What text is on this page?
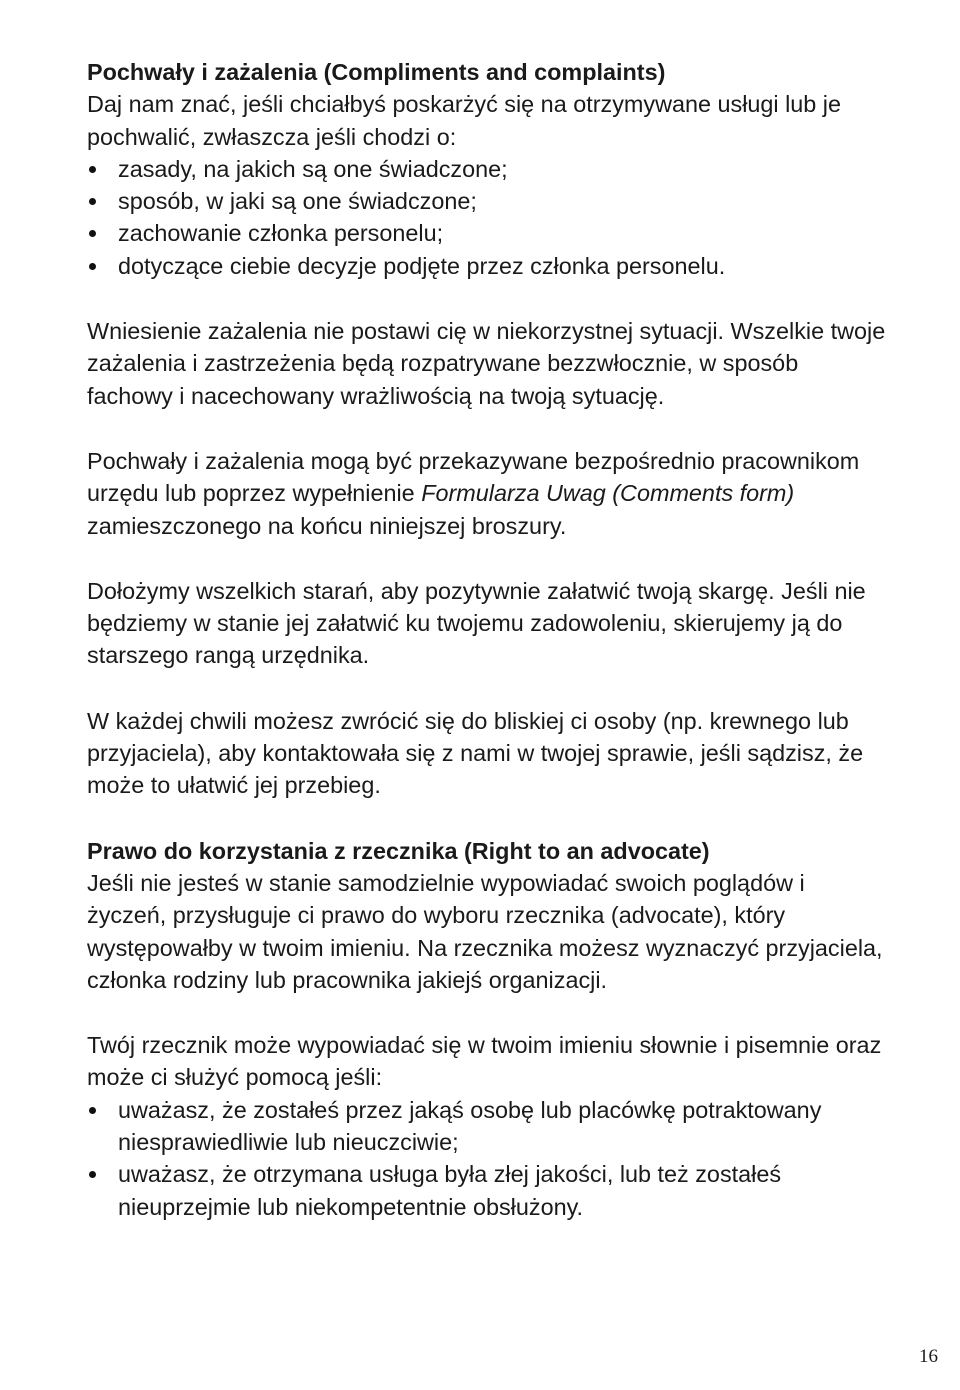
Pochwały i zażalenia (Compliments and complaints)

Daj nam znać, jeśli chciałbyś poskarżyć się na otrzymywane usługi lub je pochwalić, zwłaszcza jeśli chodzi o:

zasady, na jakich są one świadczone;
sposób, w jaki są one świadczone;
zachowanie członka personelu;
dotyczące ciebie decyzje podjęte przez członka personelu.

Wniesienie zażalenia nie postawi cię w niekorzystnej sytuacji. Wszelkie twoje zażalenia i zastrzeżenia będą rozpatrywane bezzwłocznie, w sposób fachowy i nacechowany wrażliwością na twoją sytuację.

Pochwały i zażalenia mogą być przekazywane bezpośrednio pracownikom urzędu lub poprzez wypełnienie Formularza Uwag (Comments form) zamieszczonego na końcu niniejszej broszury.

Dołożymy wszelkich starań, aby pozytywnie załatwić twoją skargę. Jeśli nie będziemy w stanie jej załatwić ku twojemu zadowoleniu, skierujemy ją do starszego rangą urzędnika.

W każdej chwili możesz zwrócić się do bliskiej ci osoby (np. krewnego lub przyjaciela), aby kontaktowała się z nami w twojej sprawie, jeśli sądzisz, że może to ułatwić jej przebieg.

Prawo do korzystania z rzecznika (Right to an advocate)

Jeśli nie jesteś w stanie samodzielnie wypowiadać swoich poglądów i życzeń, przysługuje ci prawo do wyboru rzecznika (advocate), który występowałby w twoim imieniu. Na rzecznika możesz wyznaczyć przyjaciela, członka rodziny lub pracownika jakiejś organizacji.

Twój rzecznik może wypowiadać się w twoim imieniu słownie i pisemnie oraz może ci służyć pomocą jeśli:

uważasz, że zostałeś przez jakąś osobę lub placówkę potraktowany niesprawiedliwie lub nieuczciwie;
uważasz, że otrzymana usługa była złej jakości, lub też zostałeś nieuprzejmie lub niekompetentnie obsłużony.
16
